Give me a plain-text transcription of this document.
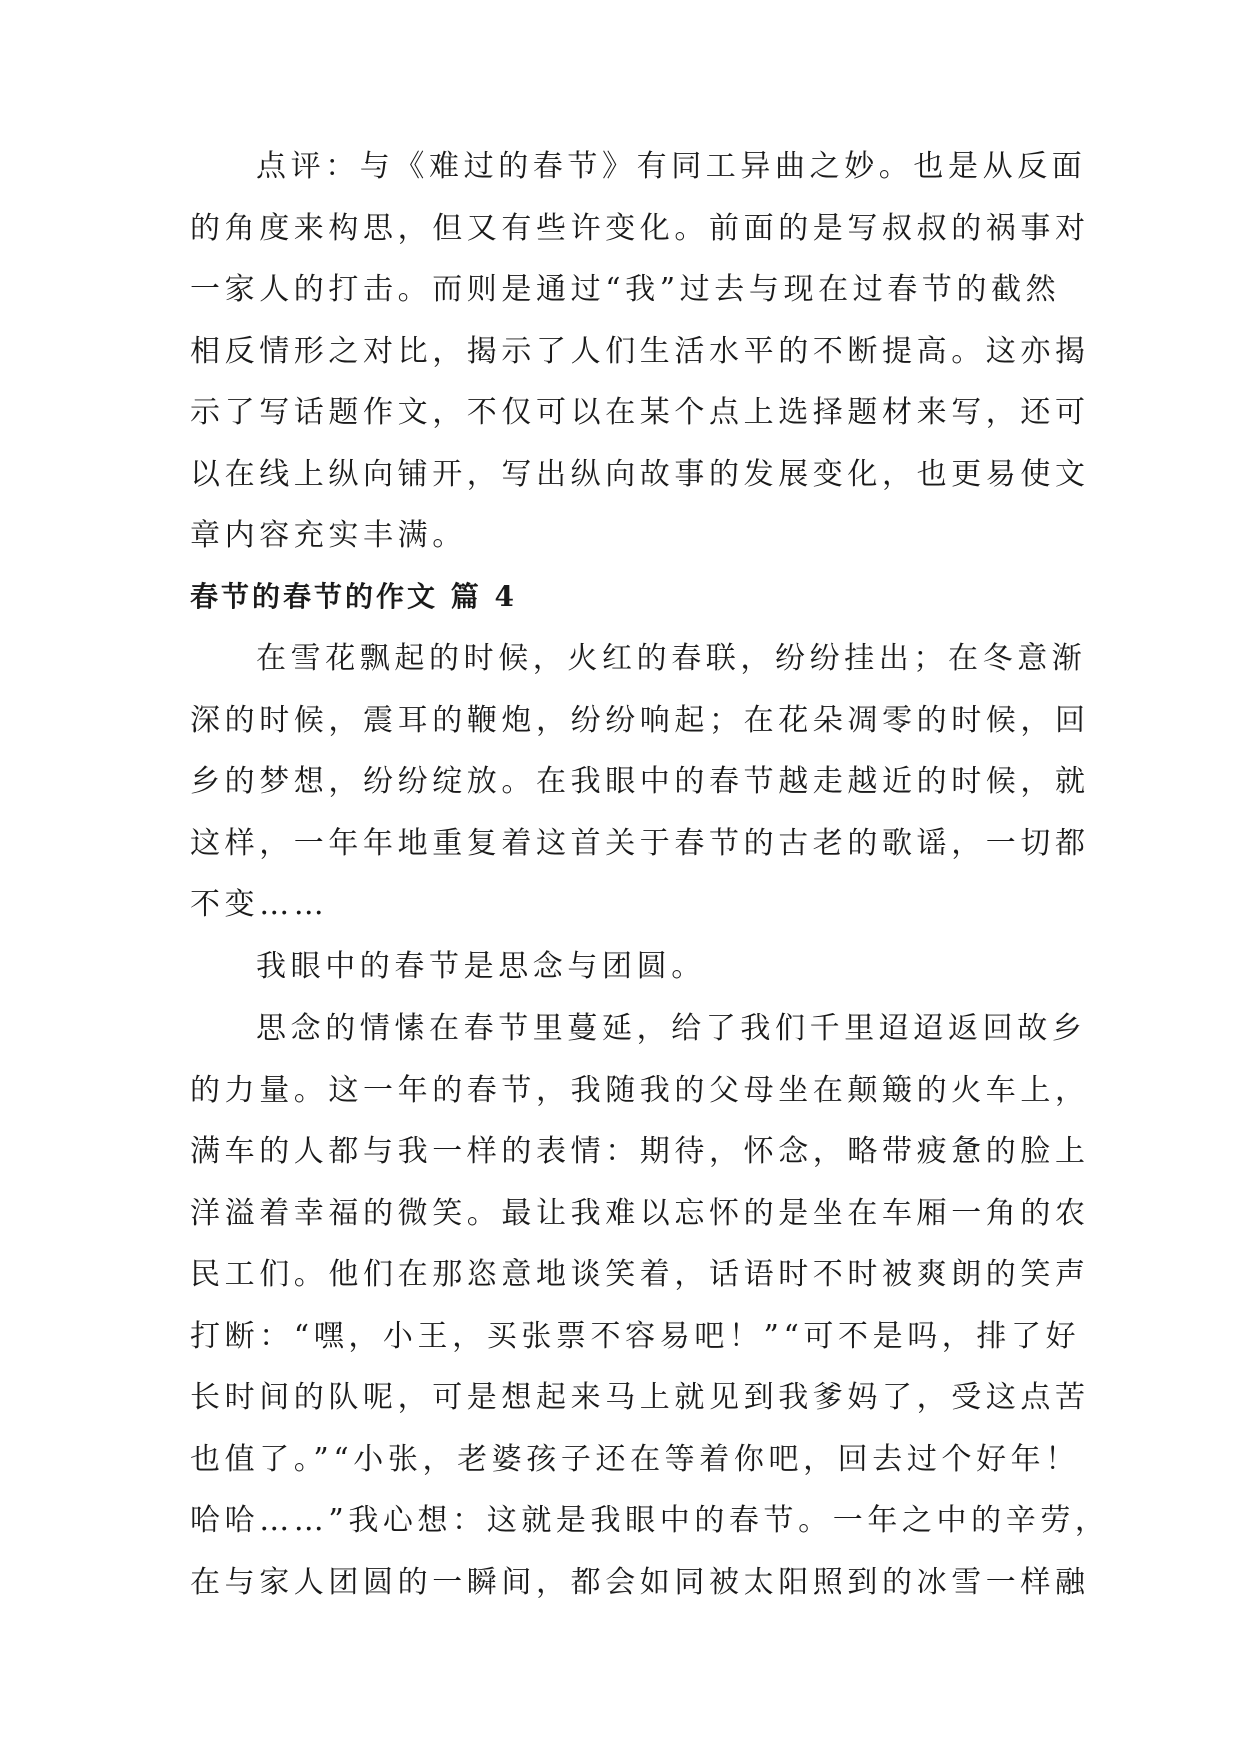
点评：与《难过的春节》有同工异曲之妙。也是从反面
的角度来构思，但又有些许变化。前面的是写叔叔的祸事对
一家人的打击。而则是通过“我”过去与现在过春节的截然
相反情形之对比，揭示了人们生活水平的不断提高。这亦揭
示了写话题作文，不仅可以在某个点上选择题材来写，还可
以在线上纵向铺开，写出纵向故事的发展变化，也更易使文
章内容充实丰满。

春节的春节的作文 篇 4

在雪花飘起的时候，火红的春联，纷纷挂出；在冬意渐
深的时候，震耳的鞭炮，纷纷响起；在花朵凋零的时候，回
乡的梦想，纷纷绽放。在我眼中的春节越走越近的时候，就
这样，一年年地重复着这首关于春节的古老的歌谣，一切都
不变……

我眼中的春节是思念与团圆。

思念的情愫在春节里蔓延，给了我们千里迢迢返回故乡
的力量。这一年的春节，我随我的父母坐在颠簸的火车上，
满车的人都与我一样的表情：期待，怀念，略带疲惫的脸上
洋溢着幸福的微笑。最让我难以忘怀的是坐在车厢一角的农
民工们。他们在那恣意地谈笑着，话语时不时被爽朗的笑声
打断：“嘿，小王，买张票不容易吧！”“可不是吗，排了好
长时间的队呢，可是想起来马上就见到我爹妈了，受这点苦
也值了。”“小张，老婆孩子还在等着你吧，回去过个好年！
哈哈……”我心想：这就是我眼中的春节。一年之中的辛劳，
在与家人团圆的一瞬间，都会如同被太阳照到的冰雪一样融
